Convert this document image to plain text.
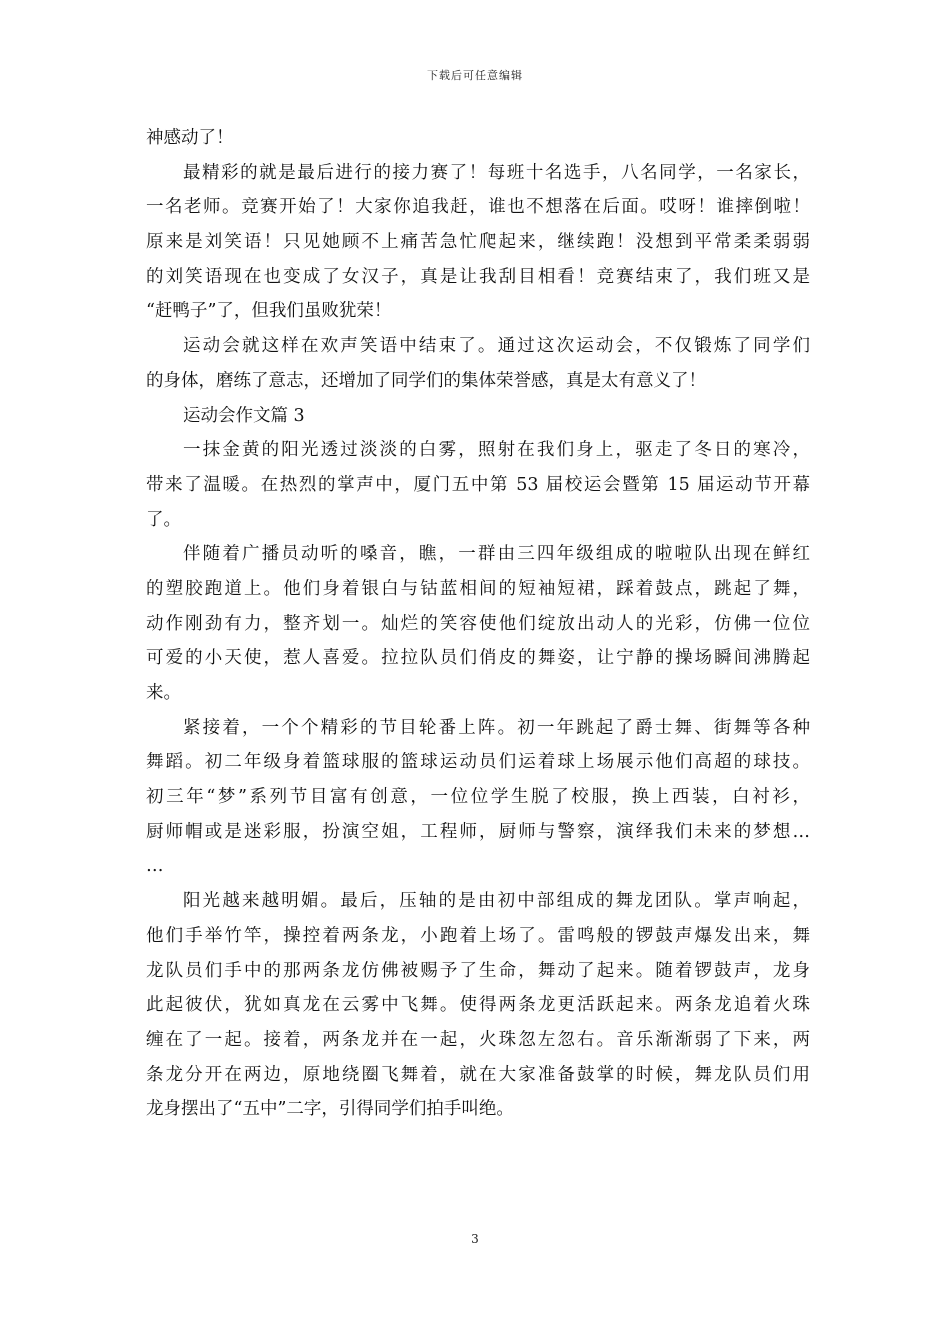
下载后可任意编辑
神感动了！
最精彩的就是最后进行的接力赛了！每班十名选手，八名同学，一名家长，
一名老师。竞赛开始了！大家你追我赶，谁也不想落在后面。哎呀！谁摔倒啦！
原来是刘笑语！只见她顾不上痛苦急忙爬起来，继续跑！没想到平常柔柔弱弱
的刘笑语现在也变成了女汉子，真是让我刮目相看！竞赛结束了，我们班又是
“赶鸭子”了，但我们虽败犹荣！
运动会就这样在欢声笑语中结束了。通过这次运动会，不仅锻炼了同学们
的身体，磨练了意志，还增加了同学们的集体荣誉感，真是太有意义了！
运动会作文篇 3
一抹金黄的阳光透过淡淡的白雾，照射在我们身上，驱走了冬日的寒冷，
带来了温暖。在热烈的掌声中，厦门五中第 53 届校运会暨第 15 届运动节开幕
了。
伴随着广播员动听的嗓音，瞧，一群由三四年级组成的啦啦队出现在鲜红
的塑胶跑道上。他们身着银白与钴蓝相间的短袖短裙，踩着鼓点，跳起了舞，
动作刚劲有力，整齐划一。灿烂的笑容使他们绽放出动人的光彩，仿佛一位位
可爱的小天使，惹人喜爱。拉拉队员们俏皮的舞姿，让宁静的操场瞬间沸腾起
来。
紧接着，一个个精彩的节目轮番上阵。初一年跳起了爵士舞、街舞等各种
舞蹈。初二年级身着篮球服的篮球运动员们运着球上场展示他们高超的球技。
初三年“梦”系列节目富有创意，一位位学生脱了校服，换上西装，白衬衫，
厨师帽或是迷彩服，扮演空姐，工程师，厨师与警察，演绎我们未来的梦想…
…
阳光越来越明媚。最后，压轴的是由初中部组成的舞龙团队。掌声响起，
他们手举竹竿，操控着两条龙，小跑着上场了。雷鸣般的锣鼓声爆发出来，舞
龙队员们手中的那两条龙仿佛被赐予了生命，舞动了起来。随着锣鼓声，龙身
此起彼伏，犹如真龙在云雾中飞舞。使得两条龙更活跃起来。两条龙追着火珠
缠在了一起。接着，两条龙并在一起，火珠忽左忽右。音乐渐渐弱了下来，两
条龙分开在两边，原地绕圈飞舞着，就在大家准备鼓掌的时候，舞龙队员们用
龙身摆出了“五中”二字，引得同学们拍手叫绝。
3
